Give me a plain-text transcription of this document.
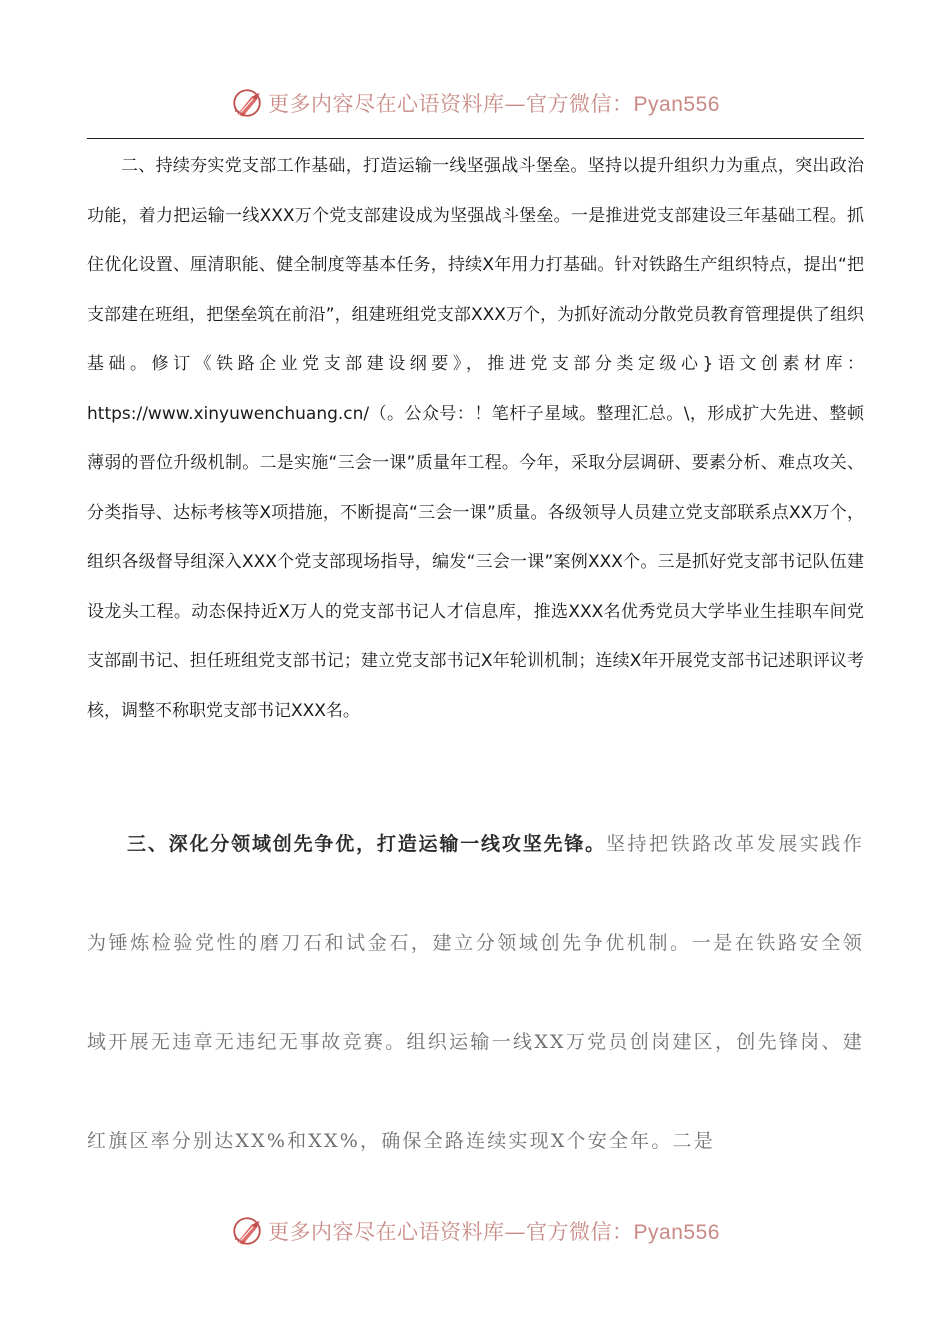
更多内容尽在心语资料库—官方微信：Pyan556

二、持续夯实党支部工作基础，打造运输一线坚强战斗堡垒。坚持以提升组织力为重点，突出政治功能，着力把运输一线XXX万个党支部建设成为坚强战斗堡垒。一是推进党支部建设三年基础工程。抓住优化设置、厘清职能、健全制度等基本任务，持续X年用力打基础。针对铁路生产组织特点，提出“把支部建在班组，把堡垒筑在前沿”，组建班组党支部XXX万个，为抓好流动分散党员教育管理提供了组织基础。修订《铁路企业党支部建设纲要》，推进党支部分类定级心}语文创素材库：https://www.xinyuwenchuang.cn/（。公众号：！笔杆子星域。整理汇总。\，形成扩大先进、整顿薄弱的晋位升级机制。二是实施“三会一课”质量年工程。今年，采取分层调研、要素分析、难点攻关、分类指导、达标考核等X项措施，不断提高“三会一课”质量。各级领导人员建立党支部联系点XX万个，组织各级督导组深入XXX个党支部现场指导，编发“三会一课”案例XXX个。三是抓好党支部书记队伍建设龙头工程。动态保持近X万人的党支部书记人才信息库，推选XXX名优秀党员大学毕业生挂职车间党支部副书记、担任班组党支部书记；建立党支部书记X年轮训机制；连续X年开展党支部书记述职评议考核，调整不称职党支部书记XXX名。

三、深化分领域创先争优，打造运输一线攻坚先锋。坚持把铁路改革发展实践作为锤炼检验党性的磨刀石和试金石，建立分领域创先争优机制。一是在铁路安全领域开展无违章无违纪无事故竞赛。组织运输一线XX万党员创岗建区，创先锋岗、建红旗区率分别达XX%和XX%，确保全路连续实现X个安全年。二是

更多内容尽在心语资料库—官方微信：Pyan556
